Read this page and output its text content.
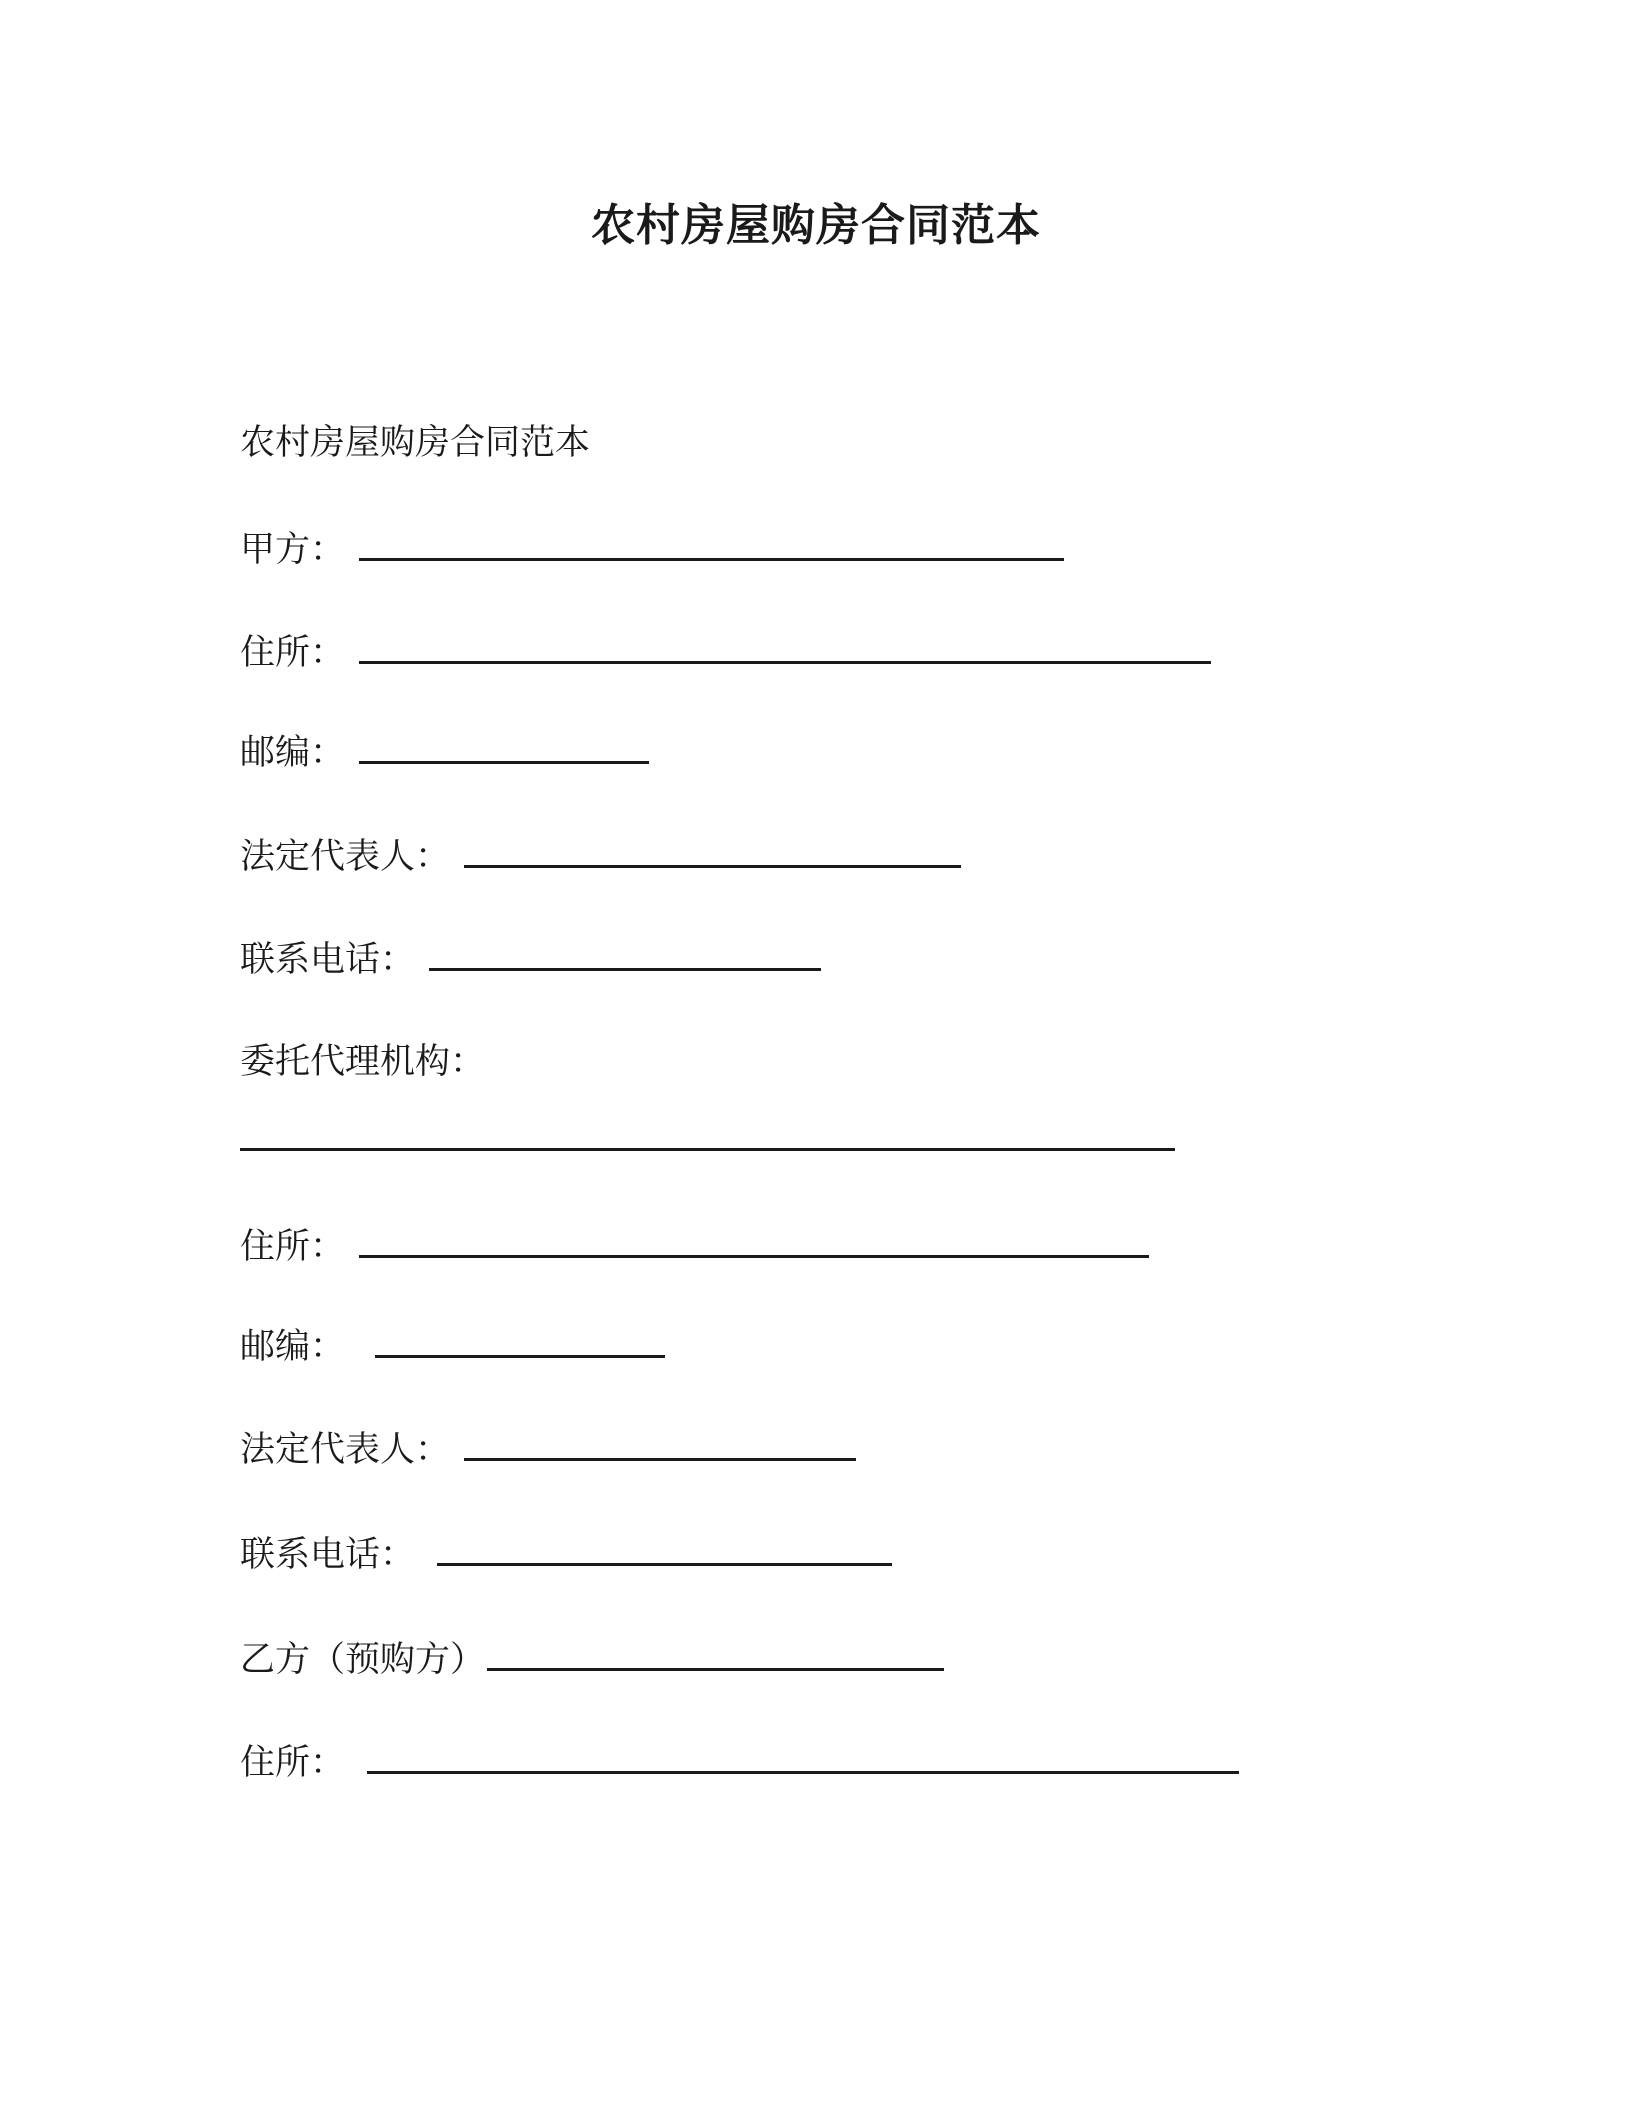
农村房屋购房合同范本
农村房屋购房合同范本
甲方：
住所：
邮编：
法定代表人：
联系电话：
委托代理机构：
住所：
邮编：
法定代表人：
联系电话：
乙方（预购方）
住所：
